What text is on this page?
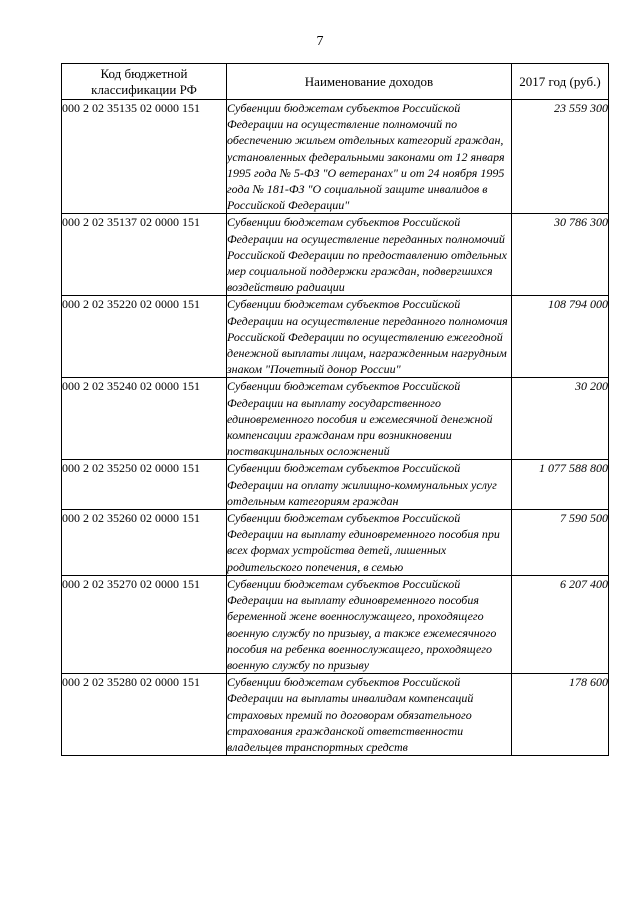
7
Код бюджетной классификации РФ	Наименование доходов	2017 год (руб.)
000 2 02 35135 02 0000 151	Субвенции бюджетам субъектов Российской Федерации на осуществление полномочий по обеспечению жильем отдельных категорий граждан, установленных федеральными законами от 12 января 1995 года № 5-ФЗ "О ветеранах" и от 24 ноября 1995 года № 181-ФЗ "О социальной защите инвалидов в Российской Федерации"	23 559 300
000 2 02 35137 02 0000 151	Субвенции бюджетам субъектов Российской Федерации на осуществление переданных полномочий Российской Федерации по предоставлению отдельных мер социальной поддержки граждан, подвергшихся воздействию радиации	30 786 300
000 2 02 35220 02 0000 151	Субвенции бюджетам субъектов Российской Федерации на осуществление переданного полномочия Российской Федерации по осуществлению ежегодной денежной выплаты лицам, награжденным нагрудным знаком "Почетный донор России"	108 794 000
000 2 02 35240 02 0000 151	Субвенции бюджетам субъектов Российской Федерации на выплату государственного единовременного пособия и ежемесячной денежной компенсации гражданам при возникновении поствакцинальных осложнений	30 200
000 2 02 35250 02 0000 151	Субвенции бюджетам субъектов Российской Федерации на оплату жилищно-коммунальных услуг отдельным категориям граждан	1 077 588 800
000 2 02 35260 02 0000 151	Субвенции бюджетам субъектов Российской Федерации на выплату единовременного пособия при всех формах устройства детей, лишенных родительского попечения, в семью	7 590 500
000 2 02 35270 02 0000 151	Субвенции бюджетам субъектов Российской Федерации на выплату единовременного пособия беременной жене военнослужащего, проходящего военную службу по призыву, а также ежемесячного пособия на ребенка военнослужащего, проходящего военную службу по призыву	6 207 400
000 2 02 35280 02 0000 151	Субвенции бюджетам субъектов Российской Федерации на выплаты инвалидам компенсаций страховых премий по договорам обязательного страхования гражданской ответственности владельцев транспортных средств	178 600
